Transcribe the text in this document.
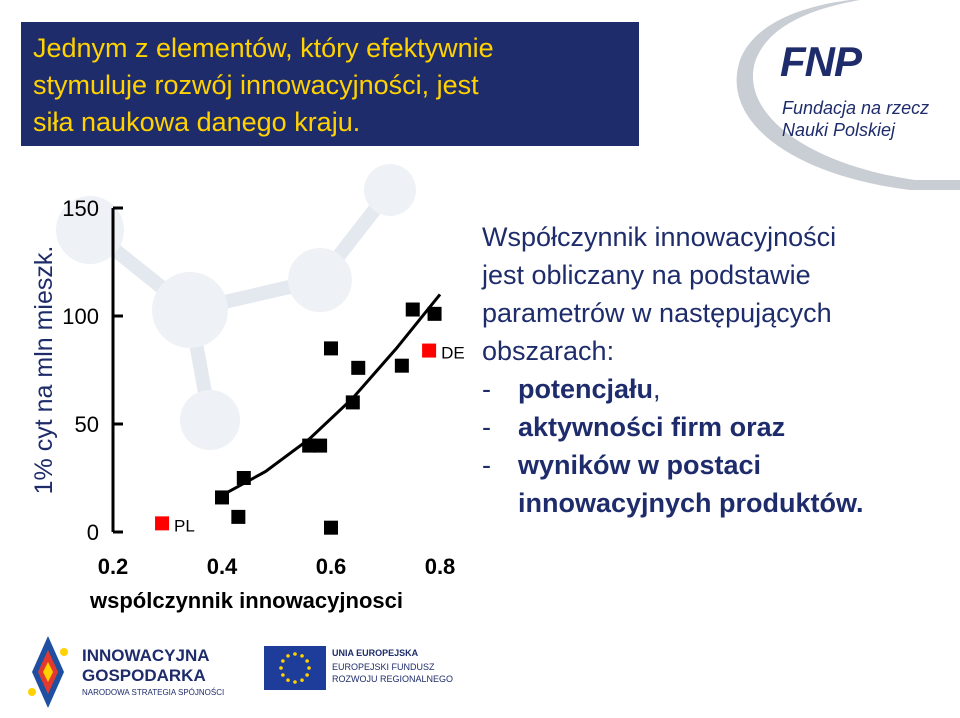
Jednym z elementów, który efektywnie

stymuluje rozwój innowacyjności, jest

siła naukowa danego kraju.

FNP
Fundacja na rzecz
Nauki Polskiej
0
50
100
150
0.2	0.4	0.6	0.8
PL
DE
wspólczynnik innowacyjnosci
1% cyt na mln mieszk.
Współczynnik innowacyjności
jest obliczany na podstawie
parametrów w następujących
obszarach:
-	potencjału ,
-	aktywności firm oraz
-	wyników w postaci
innowacyjnych produktów.
INNOWACYJNA
GOSPODARKA
NARODOWA STRATEGIA SPÓJNOŚCI
UNIA EUROPEJSKA
EUROPEJSKI FUNDUSZ
ROZWOJU REGIONALNEGO
